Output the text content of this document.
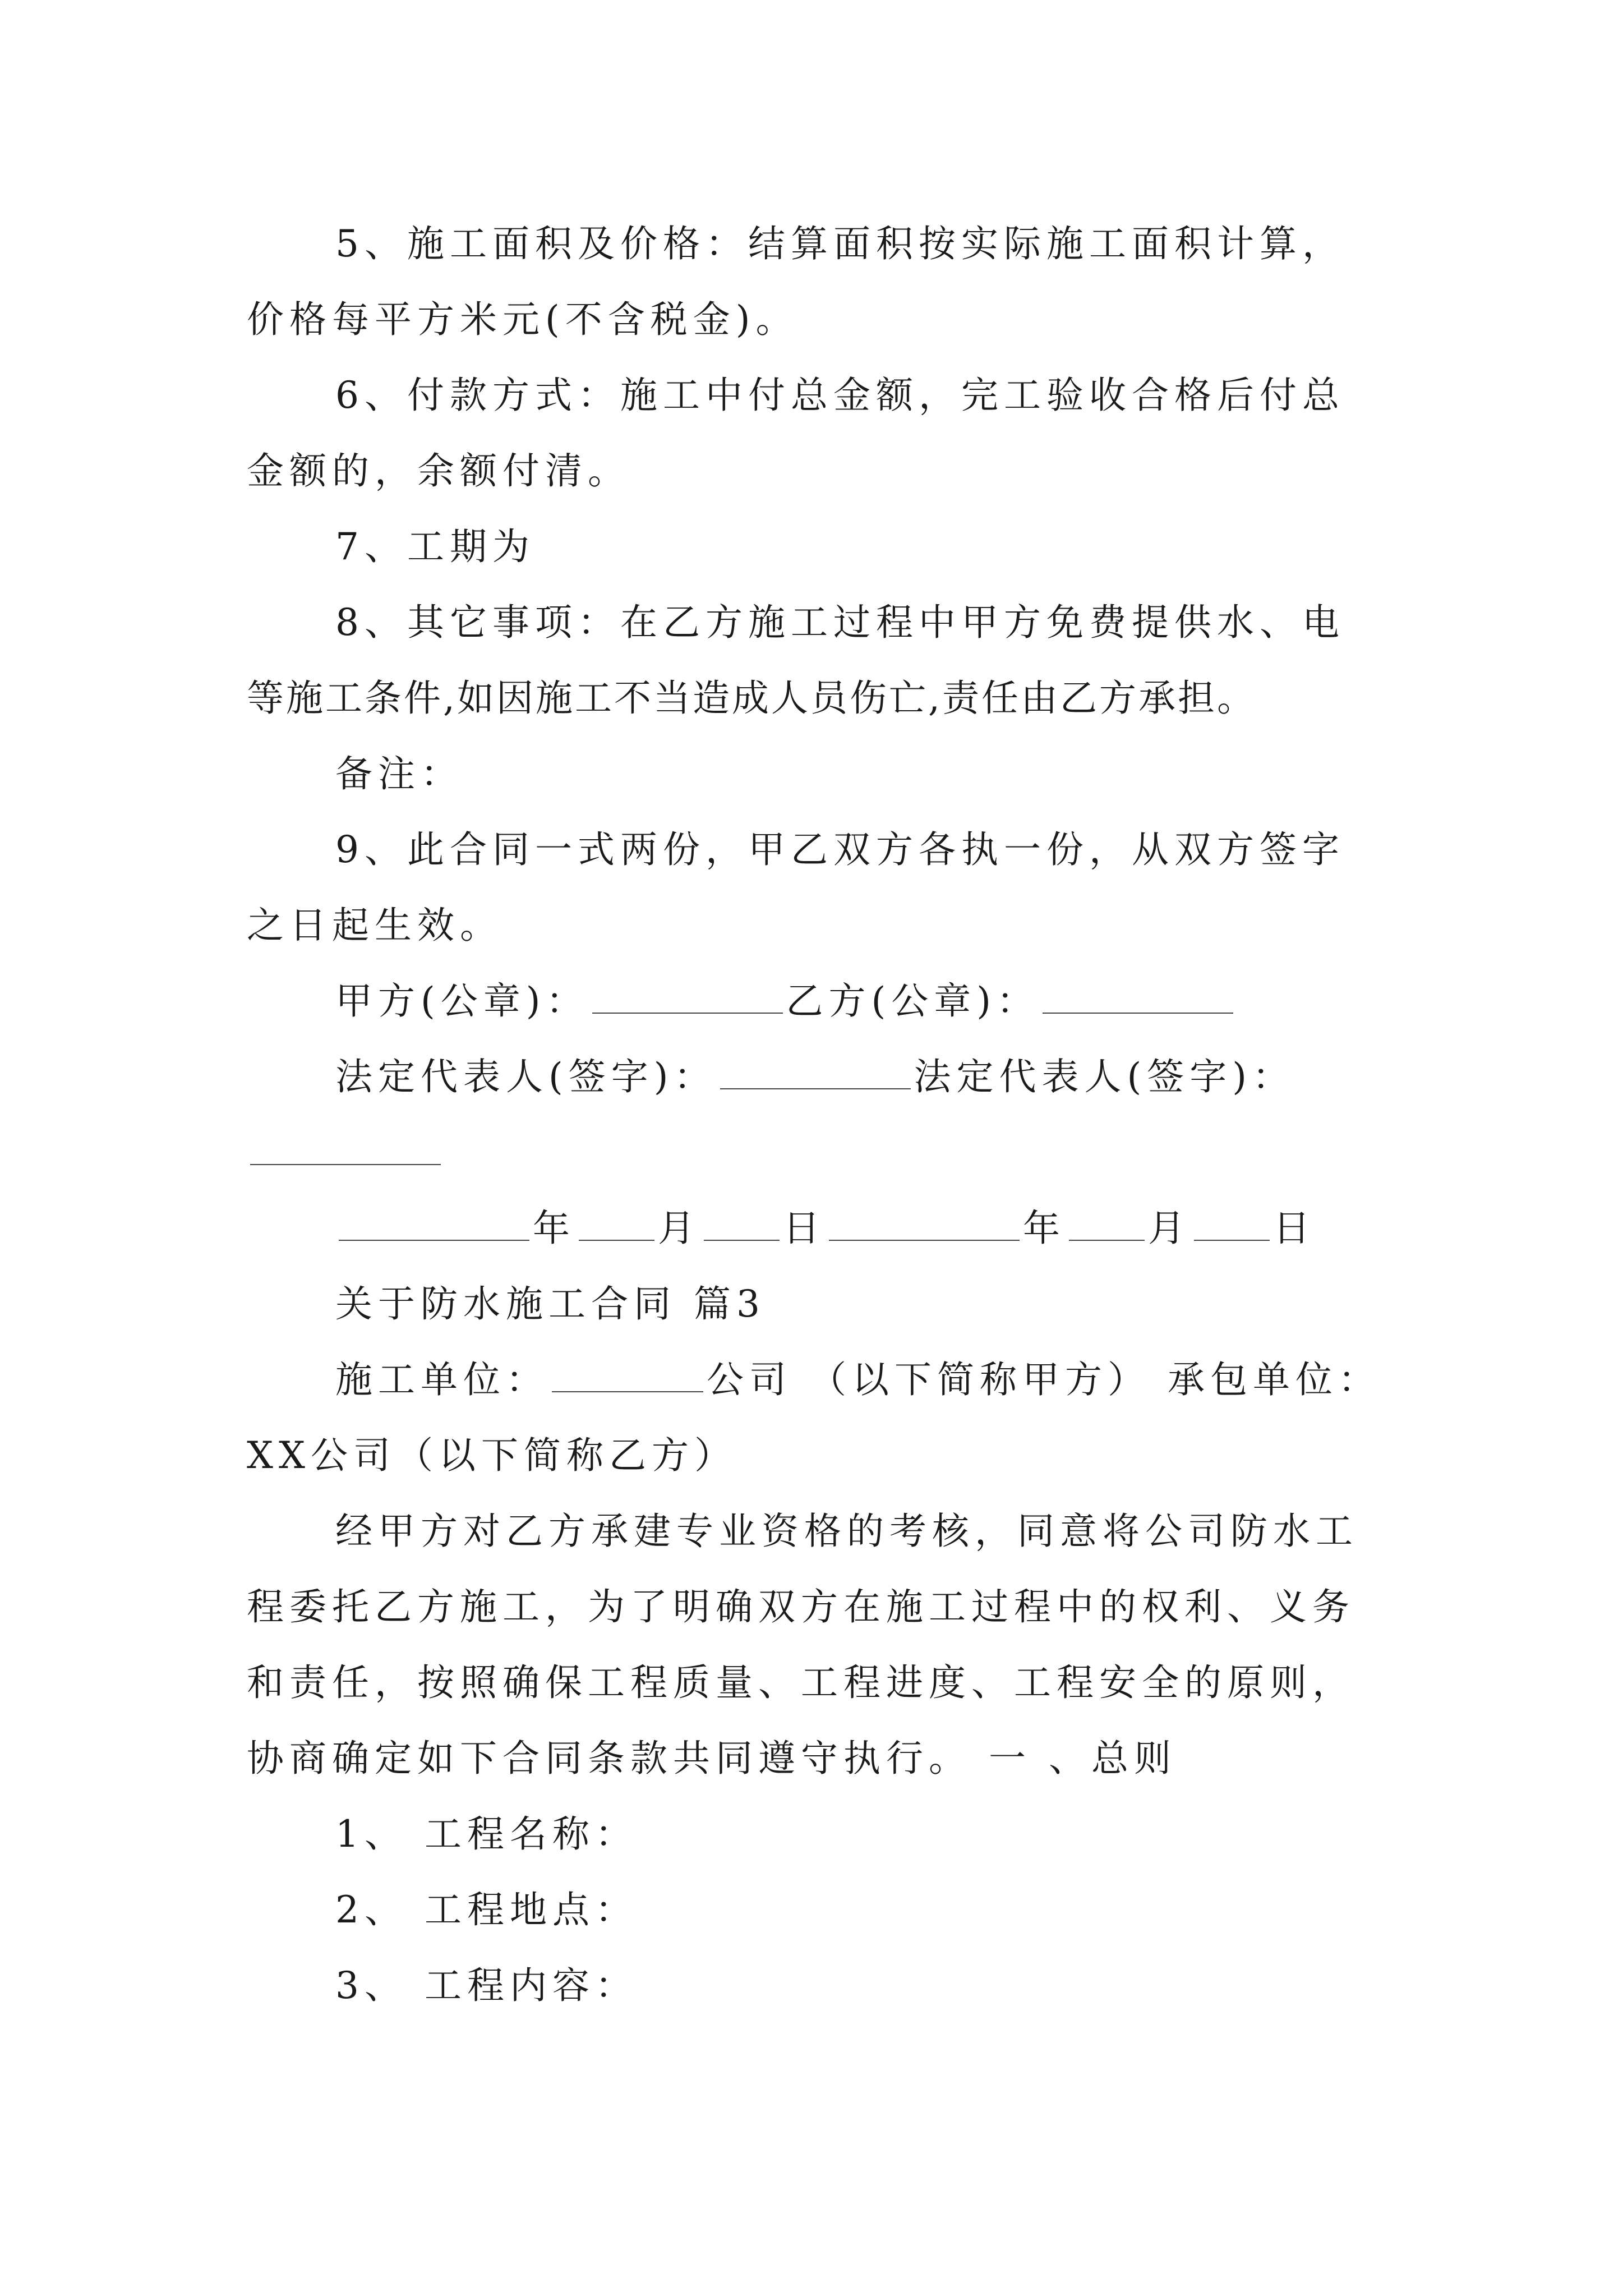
5、施工面积及价格：结算面积按实际施工面积计算，
价格每平方米元(不含税金)。
6、付款方式：施工中付总金额，完工验收合格后付总
金额的，余额付清。
7、工期为
8、其它事项：在乙方施工过程中甲方免费提供水、电
等施工条件,如因施工不当造成人员伤亡,责任由乙方承担。
备注：
9、此合同一式两份，甲乙双方各执一份，从双方签字
之日起生效。
甲方(公章)：	乙方(公章)：
法定代表人(签字)：	法定代表人(签字)：
年 月 日	年 月 日
关于防水施工合同 篇3
施工单位：	公司 （以下简称甲方） 承包单位：
XX公司（以下简称乙方）
经甲方对乙方承建专业资格的考核，同意将公司防水工
程委托乙方施工，为了明确双方在施工过程中的权利、义务
和责任，按照确保工程质量、工程进度、工程安全的原则，
协商确定如下合同条款共同遵守执行。 一 、总则
1、 工程名称：
2、 工程地点：
3、 工程内容：
